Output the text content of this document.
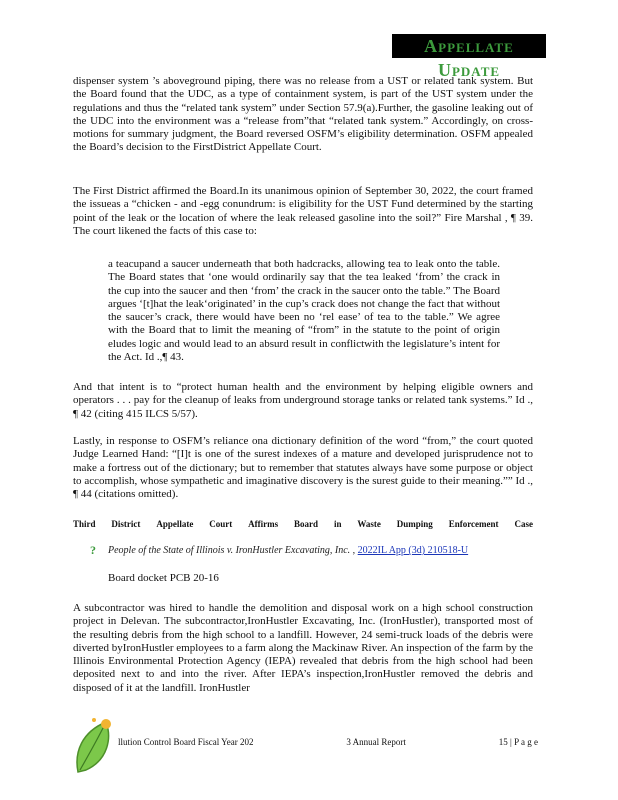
Appellate Update

dispenser system ’s aboveground piping, there was no release from a UST or related tank system. But the Board found that the UDC, as a type of containment system, is part of the UST system under the regulations and thus the “related tank system” under Section 57.9(a).Further, the gasoline leaking out of the UDC into the environment was a “release from”that “related tank system.” Accordingly, on cross-motions for summary judgment, the Board reversed OSFM’s eligibility determination. OSFM appealed the Board’s decision to the FirstDistrict Appellate Court.

The First District affirmed the Board.In its unanimous opinion of September 30, 2022, the court framed the issueas a “chicken - and -egg conundrum: is eligibility for the UST Fund determined by the starting point of the leak or the location of where the leak released gasoline into the soil?” Fire Marshal , ¶ 39. The court likened the facts of this case to:

a teacupand a saucer underneath that both hadcracks, allowing tea to leak onto the table. The Board states that ‘one would ordinarily say that the tea leaked ‘from’ the crack in the cup into the saucer and then ‘from’ the crack in the saucer onto the table.” The Board argues ‘[t]hat the leak‘originated’ in the cup’s crack does not change the fact that without the saucer’s crack, there would have been no ‘rel ease’ of tea to the table.” We agree with the Board that to limit the meaning of “from” in the statute to the point of origin eludes logic and would lead to an absurd result in conflictwith the legislature’s intent for the Act. Id .,¶ 43.

And that intent is to “protect human health and the environment by helping eligible owners and operators . . . pay for the cleanup of leaks from underground storage tanks or related tank systems.” Id ., ¶ 42 (citing 415 ILCS 5/57).

Lastly, in response to OSFM’s reliance ona dictionary definition of the word “from,” the court quoted Judge Learned Hand: “[I]t is one of the surest indexes of a mature and developed jurisprudence not to make a fortress out of the dictionary; but to remember that statutes always have some purpose or object to accomplish, whose sympathetic and imaginative discovery is the surest guide to their meaning.”” Id ., ¶ 44 (citations omitted).

Third District Appellate Court Affirms Board in Waste Dumping Enforcement Case
? People of the State of Illinois v. IronHustler Excavating, Inc. , 2022IL App (3d) 210518-U
Board docket PCB 20-16

A subcontractor was hired to handle the demolition and disposal work on a high school construction project in Delevan. The subcontractor,IronHustler Excavating, Inc. (IronHustler), transported most of the resulting debris from the high school to a landfill. However, 24 semi-truck loads of the debris were diverted byIronHustler employees to a farm along the Mackinaw River. An inspection of the farm by the Illinois Environmental Protection Agency (IEPA) revealed that debris from the high school had been deposited next to and into the river. After IEPA’s inspection,IronHustler removed the debris and disposed of it at the landfill. IronHustler

llution Control Board Fiscal Year 202	3 Annual Report	15 | P a g e
